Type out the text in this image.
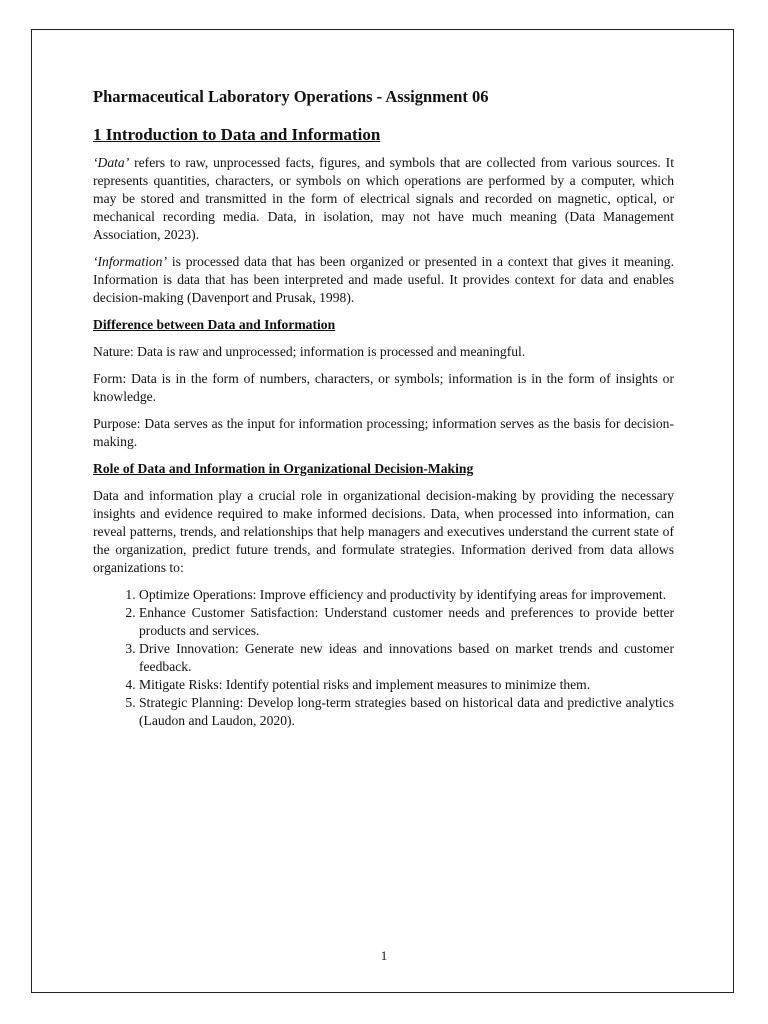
Pharmaceutical Laboratory Operations - Assignment 06
1 Introduction to Data and Information

‘Data’ refers to raw, unprocessed facts, figures, and symbols that are collected from various sources. It represents quantities, characters, or symbols on which operations are performed by a computer, which may be stored and transmitted in the form of electrical signals and recorded on magnetic, optical, or mechanical recording media. Data, in isolation, may not have much meaning (Data Management Association, 2023).

‘Information’ is processed data that has been organized or presented in a context that gives it meaning. Information is data that has been interpreted and made useful. It provides context for data and enables decision-making (Davenport and Prusak, 1998).

Difference between Data and Information

Nature: Data is raw and unprocessed; information is processed and meaningful.

Form: Data is in the form of numbers, characters, or symbols; information is in the form of insights or knowledge.

Purpose: Data serves as the input for information processing; information serves as the basis for decision-making.

Role of Data and Information in Organizational Decision-Making

Data and information play a crucial role in organizational decision-making by providing the necessary insights and evidence required to make informed decisions. Data, when processed into information, can reveal patterns, trends, and relationships that help managers and executives understand the current state of the organization, predict future trends, and formulate strategies. Information derived from data allows organizations to:

1. Optimize Operations: Improve efficiency and productivity by identifying areas for improvement.
2. Enhance Customer Satisfaction: Understand customer needs and preferences to provide better products and services.
3. Drive Innovation: Generate new ideas and innovations based on market trends and customer feedback.
4. Mitigate Risks: Identify potential risks and implement measures to minimize them.
5. Strategic Planning: Develop long-term strategies based on historical data and predictive analytics (Laudon and Laudon, 2020).
1
